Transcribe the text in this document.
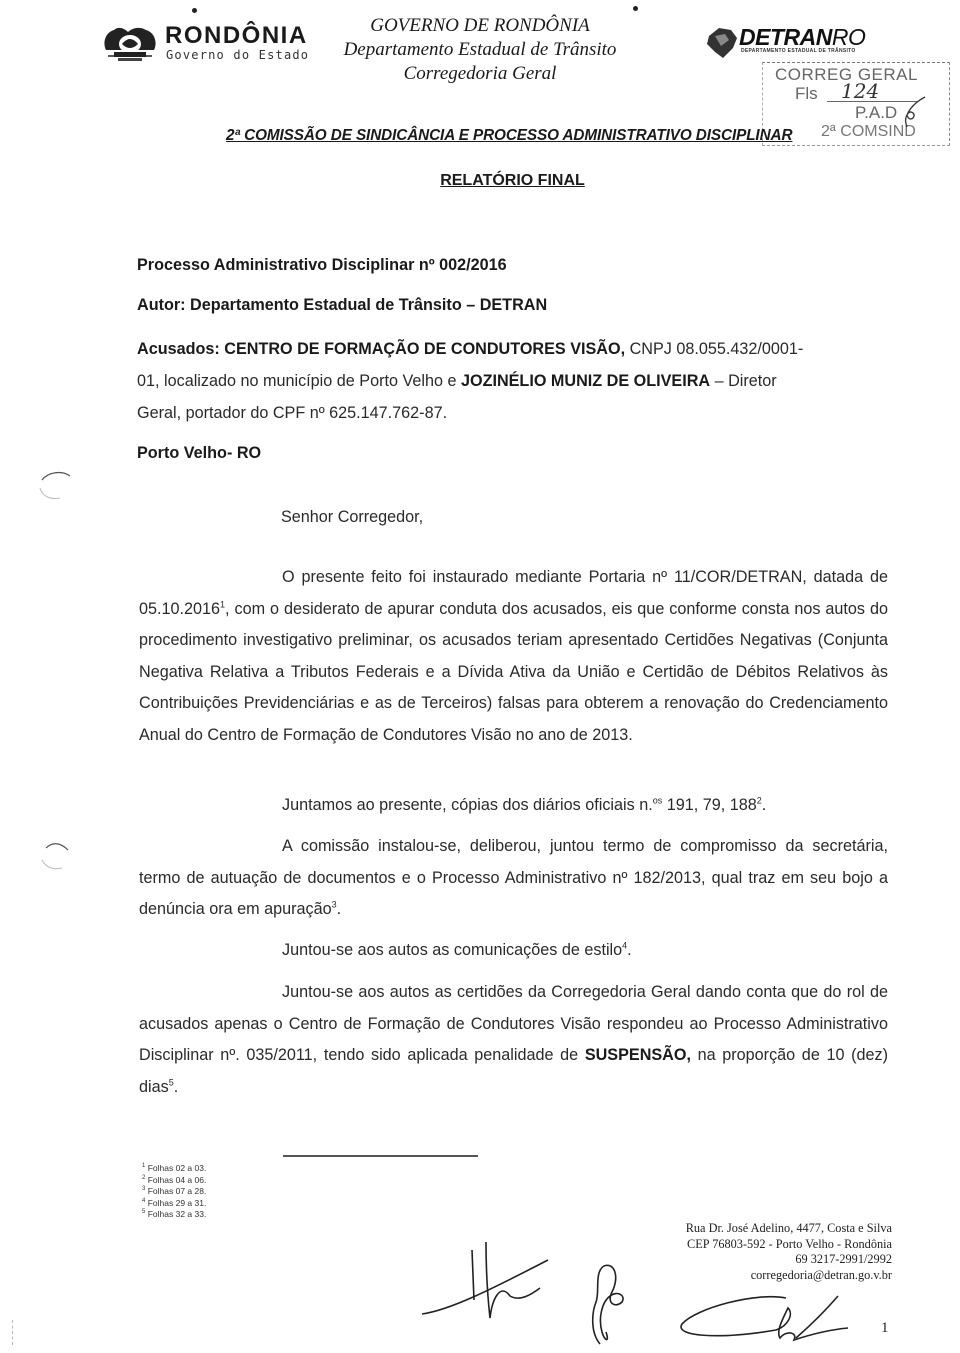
RONDÔNIA
Governo do Estado
GOVERNO DE RONDÔNIA
Departamento Estadual de Trânsito
Corregedoria Geral
DETRANRO
DEPARTAMENTO ESTADUAL DE TRÂNSITO
CORREG GERAL
Fls 124
P.A.D
2ª COMSIND
2ª COMISSÃO DE SINDICÂNCIA E PROCESSO ADMINISTRATIVO DISCIPLINAR
RELATÓRIO FINAL
Processo Administrativo Disciplinar nº 002/2016
Autor: Departamento Estadual de Trânsito – DETRAN
Acusados: CENTRO DE FORMAÇÃO DE CONDUTORES VISÃO, CNPJ 08.055.432/0001-
01, localizado no município de Porto Velho e JOZINÉLIO MUNIZ DE OLIVEIRA – Diretor
Geral, portador do CPF nº 625.147.762-87.
Porto Velho- RO
Senhor Corregedor,
O presente feito foi instaurado mediante Portaria nº 11/COR/DETRAN, datada de 05.10.2016$^1$, com o desiderato de apurar conduta dos acusados, eis que conforme consta nos autos do procedimento investigativo preliminar, os acusados teriam apresentado Certidões Negativas (Conjunta Negativa Relativa a Tributos Federais e a Dívida Ativa da União e Certidão de Débitos Relativos às Contribuições Previdenciárias e as de Terceiros) falsas para obterem a renovação do Credenciamento Anual do Centro de Formação de Condutores Visão no ano de 2013.
Juntamos ao presente, cópias dos diários oficiais n.$^{os}$ 191, 79, $188^2$.
A comissão instalou-se, deliberou, juntou termo de compromisso da secretária, termo de autuação de documentos e o Processo Administrativo nº 182/2013, qual traz em seu bojo a denúncia ora em apuração$^3$.
Juntou-se aos autos as comunicações de estilo$^4$.
Juntou-se aos autos as certidões da Corregedoria Geral dando conta que do rol de acusados apenas o Centro de Formação de Condutores Visão respondeu ao Processo Administrativo Disciplinar nº. 035/2011, tendo sido aplicada penalidade de SUSPENSÃO, na proporção de 10 (dez) dias$^5$.
$^1$ Folhas 02 a 03.
$^2$ Folhas 04 a 06.
$^3$ Folhas 07 a 28.
$^4$ Folhas 29 a 31.
$^5$ Folhas 32 a 33.
Rua Dr. José Adelino, 4477, Costa e Silva
CEP 76803-592 - Porto Velho - Rondônia
69 3217-2991/2992
corregedoria@detran.go.v.br
1
